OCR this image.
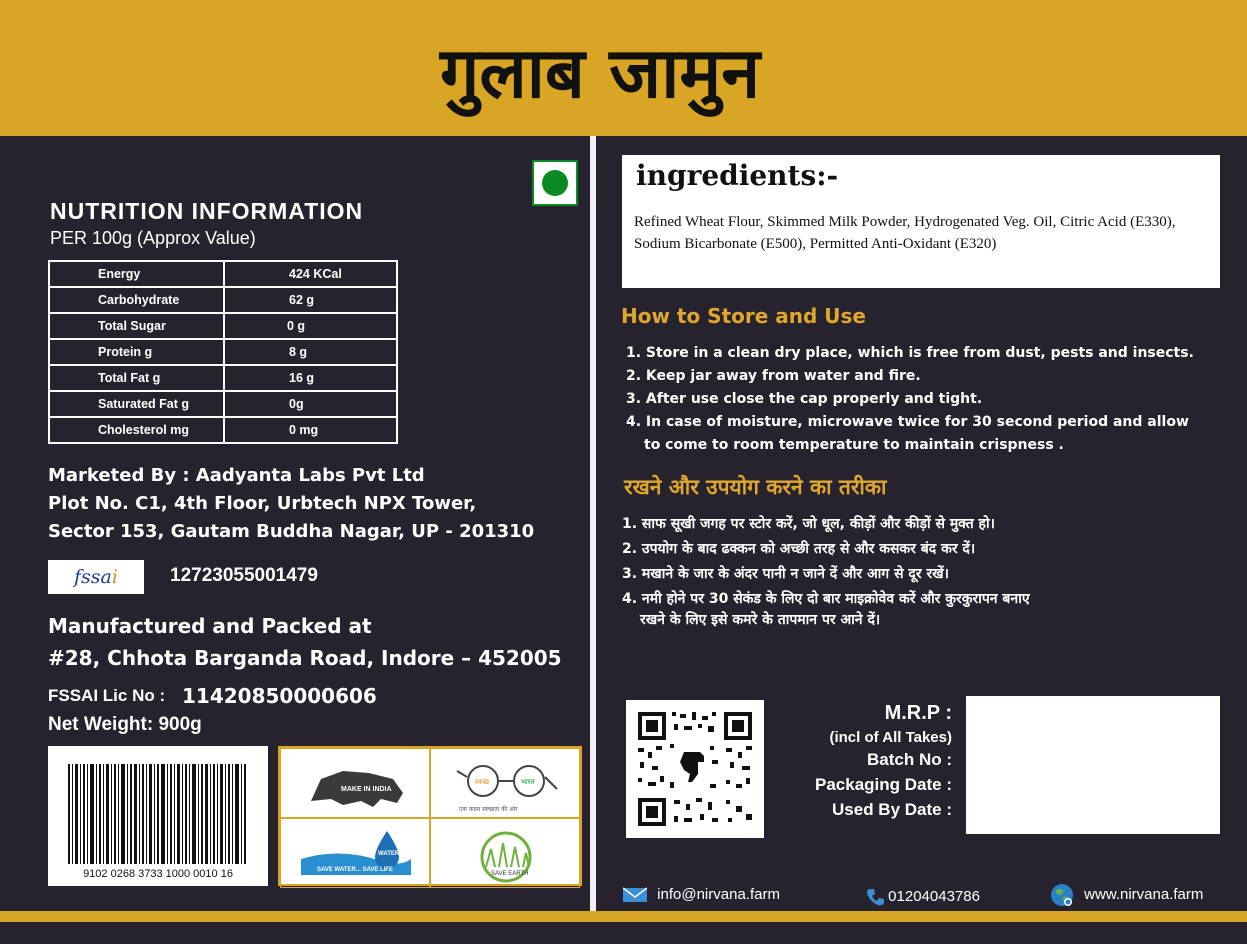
गुलाब जामुन
NUTRITION INFORMATION
PER 100g (Approx Value)
Energy	424 KCal
Carbohydrate	62 g
Total Sugar	0 g
Protein g	8 g
Total Fat g	16 g
Saturated Fat g	0g
Cholesterol mg	0 mg
Marketed By : Aadyanta Labs Pvt Ltd
Plot No. C1, 4th Floor, Urbtech NPX Tower,
Sector 153, Gautam Buddha Nagar, UP - 201310
fssai	12723055001479
Manufactured and Packed at
#28, Chhota Barganda Road, Indore – 452005
FSSAI Lic No : 11420850000606
Net Weight: 900g
9102 0268 3733 1000 0010 16
MAKE IN INDIA
स्वच्छ	भारत
एक कदम स्वच्छता की ओर
WATER
SAVE WATER... SAVE LIFE
SAVE EARTH
ingredients:-
Refined Wheat Flour, Skimmed Milk Powder, Hydrogenated Veg. Oil, Citric Acid (E330), Sodium Bicarbonate (E500), Permitted Anti-Oxidant (E320)
How to Store and Use
1. Store in a clean dry place, which is free from dust, pests and insects.
2. Keep jar away from water and fire.
3. After use close the cap properly and tight.
4. In case of moisture, microwave twice for 30 second period and allow
to come to room temperature to maintain crispness .
रखने और उपयोग करने का तरीका
1. साफ सूखी जगह पर स्टोर करें, जो धूल, कीड़ों और कीड़ों से मुक्त हो।
2. उपयोग के बाद ढक्कन को अच्छी तरह से और कसकर बंद कर दें।
3. मखाने के जार के अंदर पानी न जाने दें और आग से दूर रखें।
4. नमी होने पर 30 सेकंड के लिए दो बार माइक्रोवेव करें और कुरकुरापन बनाए
रखने के लिए इसे कमरे के तापमान पर आने दें।
M.R.P :
(incl of All Takes)
Batch No :
Packaging Date :
Used By Date :
info@nirvana.farm	01204043786	www.nirvana.farm
